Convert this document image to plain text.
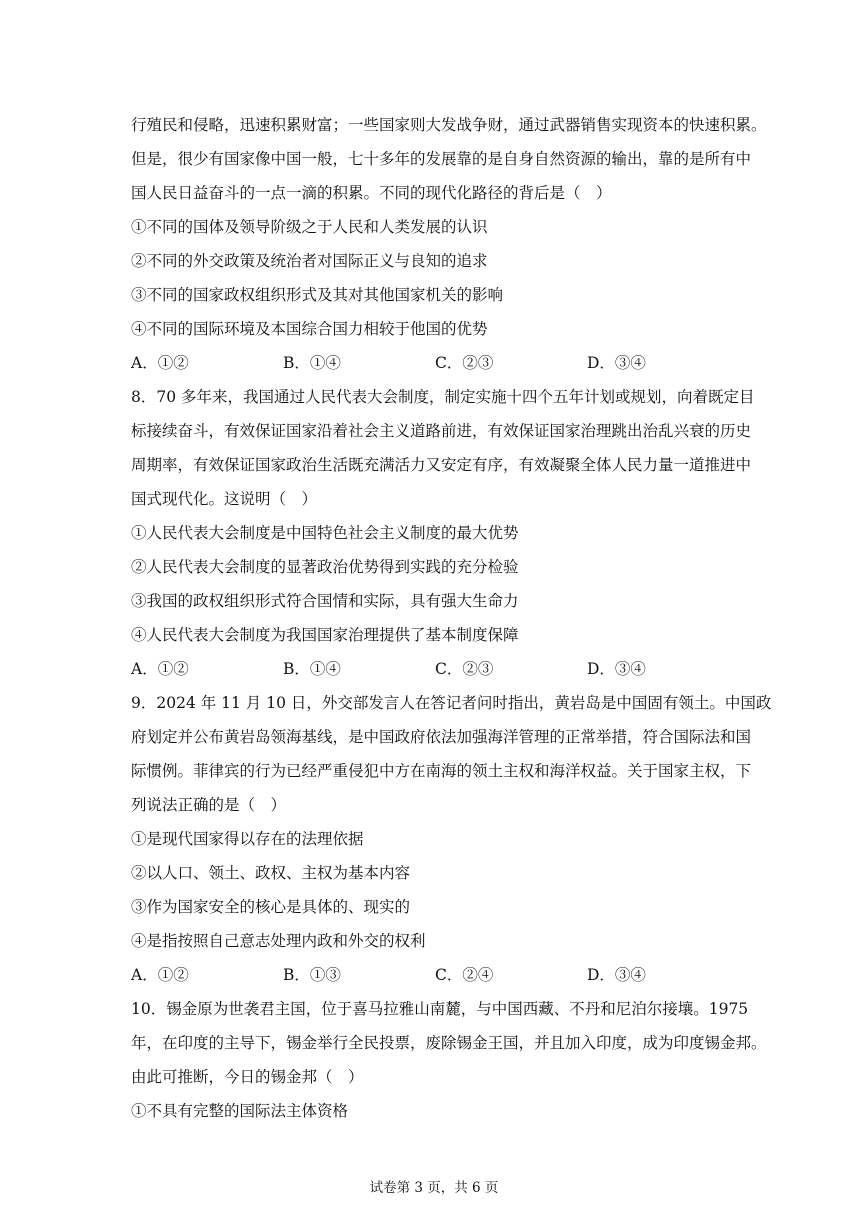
行殖民和侵略，迅速积累财富；一些国家则大发战争财，通过武器销售实现资本的快速积累。
但是，很少有国家像中国一般，七十多年的发展靠的是自身自然资源的输出，靠的是所有中
国人民日益奋斗的一点一滴的积累。不同的现代化路径的背后是（　）
①不同的国体及领导阶级之于人民和人类发展的认识
②不同的外交政策及统治者对国际正义与良知的追求
③不同的国家政权组织形式及其对其他国家机关的影响
④不同的国际环境及本国综合国力相较于他国的优势
A．①②	B．①④	C．②③	D．③④
8．70 多年来，我国通过人民代表大会制度，制定实施十四个五年计划或规划，向着既定目
标接续奋斗，有效保证国家沿着社会主义道路前进，有效保证国家治理跳出治乱兴衰的历史
周期率，有效保证国家政治生活既充满活力又安定有序，有效凝聚全体人民力量一道推进中
国式现代化。这说明（　）
①人民代表大会制度是中国特色社会主义制度的最大优势
②人民代表大会制度的显著政治优势得到实践的充分检验
③我国的政权组织形式符合国情和实际，具有强大生命力
④人民代表大会制度为我国国家治理提供了基本制度保障
A．①②	B．①④	C．②③	D．③④
9．2024 年 11 月 10 日，外交部发言人在答记者问时指出，黄岩岛是中国固有领土。中国政
府划定并公布黄岩岛领海基线，是中国政府依法加强海洋管理的正常举措，符合国际法和国
际惯例。菲律宾的行为已经严重侵犯中方在南海的领土主权和海洋权益。关于国家主权，下
列说法正确的是（　）
①是现代国家得以存在的法理依据
②以人口、领土、政权、主权为基本内容
③作为国家安全的核心是具体的、现实的
④是指按照自己意志处理内政和外交的权利
A．①②	B．①③	C．②④	D．③④
10．锡金原为世袭君主国，位于喜马拉雅山南麓，与中国西藏、不丹和尼泊尔接壤。1975
年，在印度的主导下，锡金举行全民投票，废除锡金王国，并且加入印度，成为印度锡金邦。
由此可推断，今日的锡金邦（　）
①不具有完整的国际法主体资格
试卷第 3 页，共 6 页
